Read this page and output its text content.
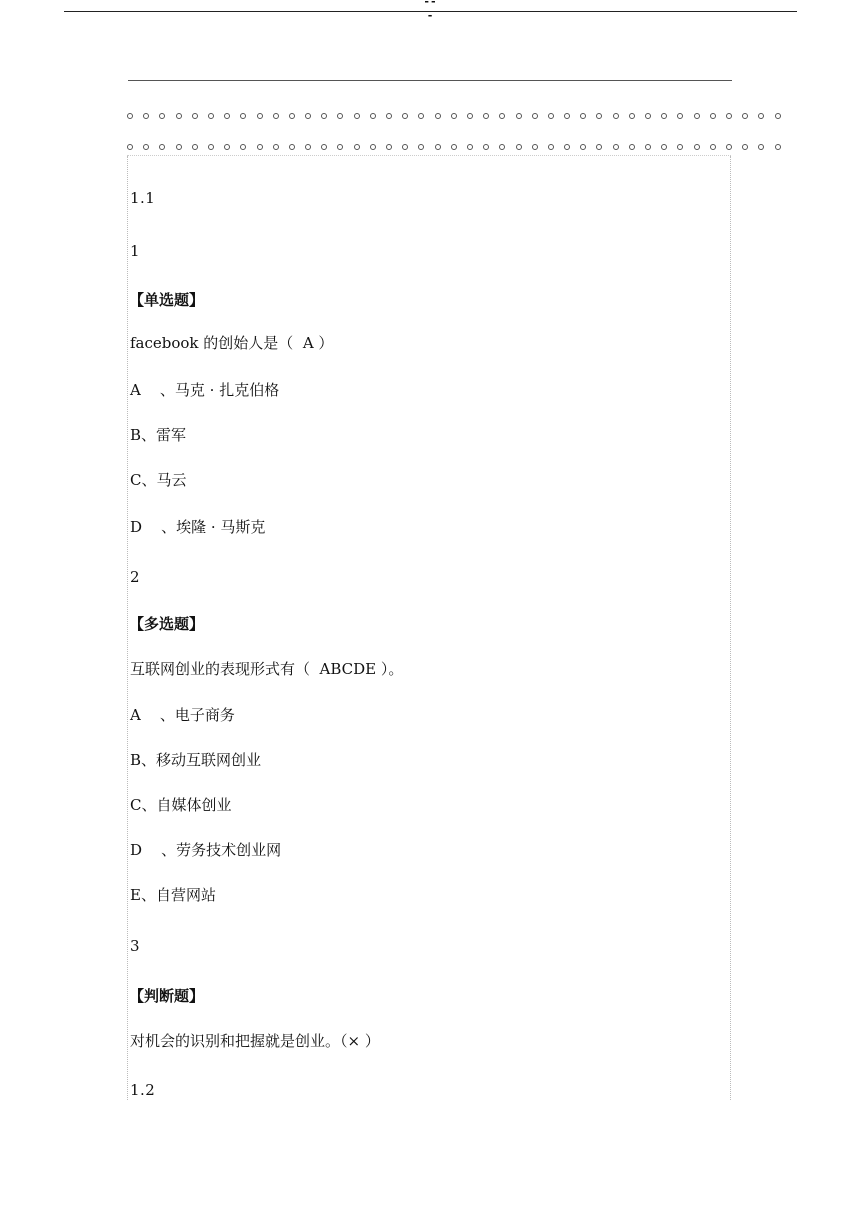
---
1.1
1
【单选题】
facebook 的创始人是（  A ）
A    、马克 · 扎克伯格
B、雷军
C、马云
D    、埃隆 · 马斯克
2
【多选题】
互联网创业的表现形式有（  ABCDE ）。
A    、电子商务
B、移动互联网创业
C、自媒体创业
D    、劳务技术创业网
E、自营网站
3
【判断题】
对机会的识别和把握就是创业。（× ）
1.2
